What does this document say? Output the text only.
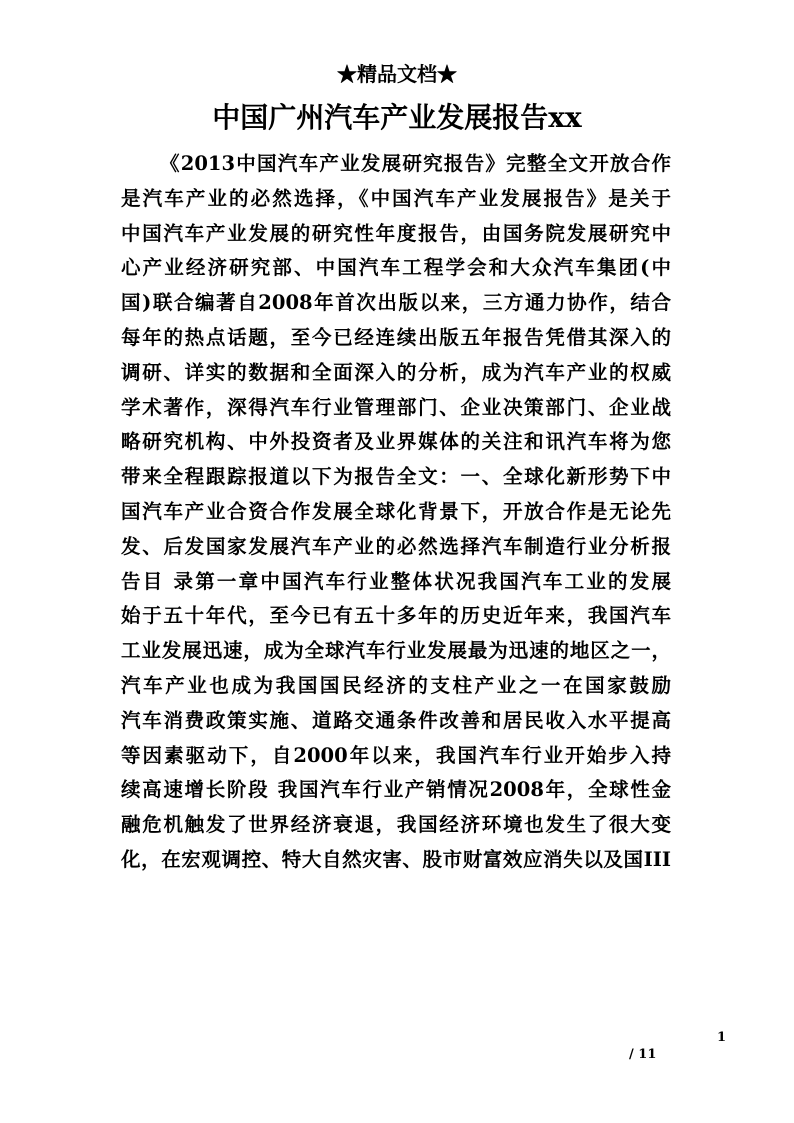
★精品文档★
中国广州汽车产业发展报告xx
《2013中国汽车产业发展研究报告》完整全文开放合作
是汽车产业的必然选择，《中国汽车产业发展报告》是关于
中国汽车产业发展的研究性年度报告，由国务院发展研究中
心产业经济研究部、中国汽车工程学会和大众汽车集团(中
国)联合编著自2008年首次出版以来，三方通力协作，结合
每年的热点话题，至今已经连续出版五年报告凭借其深入的
调研、详实的数据和全面深入的分析，成为汽车产业的权威
学术著作，深得汽车行业管理部门、企业决策部门、企业战
略研究机构、中外投资者及业界媒体的关注和讯汽车将为您
带来全程跟踪报道以下为报告全文：一、全球化新形势下中
国汽车产业合资合作发展全球化背景下，开放合作是无论先
发、后发国家发展汽车产业的必然选择汽车制造行业分析报
告目 录第一章中国汽车行业整体状况我国汽车工业的发展
始于五十年代，至今已有五十多年的历史近年来，我国汽车
工业发展迅速，成为全球汽车行业发展最为迅速的地区之一，
汽车产业也成为我国国民经济的支柱产业之一在国家鼓励
汽车消费政策实施、道路交通条件改善和居民收入水平提高
等因素驱动下，自2000年以来，我国汽车行业开始步入持
续高速增长阶段 我国汽车行业产销情况2008年，全球性金
融危机触发了世界经济衰退，我国经济环境也发生了很大变
化，在宏观调控、特大自然灾害、股市财富效应消失以及国III
1
/ 11
